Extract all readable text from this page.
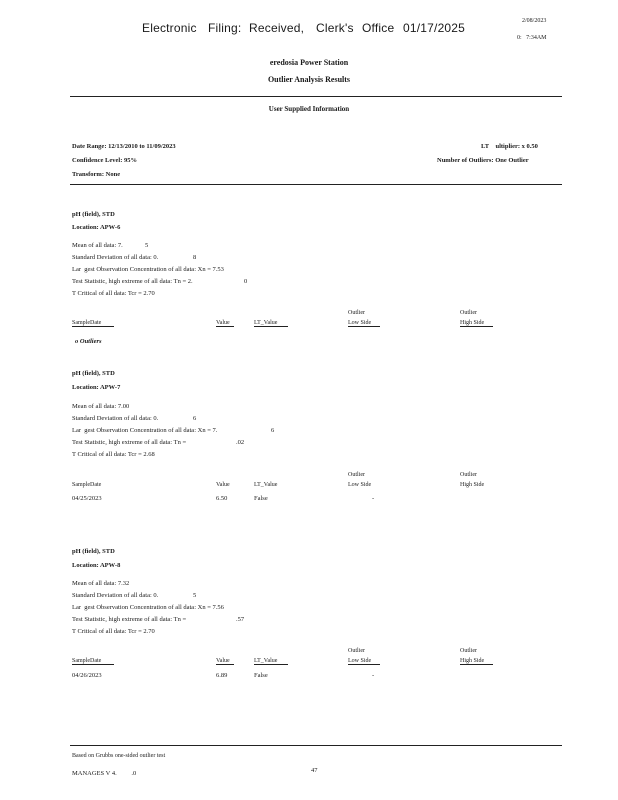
Electronic Filing: Received, Clerk's Office 01/17/2025	2/08/2023
0:   7:34AM
eredosia Power Station
Outlier Analysis Results
User Supplied Information
Date Range: 12/13/2010 to 11/09/2023
Confidence Level: 95%
Transform: None
LT    ultiplier: x 0.50
Number of Outliers: One Outlier
pH (field), STD
Location: APW-6
Mean of all data: 7.	5
Standard Deviation of all data: 0.	8
Lar  gest Observation Concentration of all data: Xn = 7.53
Test Statistic, high extreme of all data: Tn = 2.	0
T Critical of all data: Tcr = 2.70
Outlier	Outlier
SampleDate	Value	LT_Value	Low Side	High Side
o Outliers
pH (field), STD
Location: APW-7
Mean of all data: 7.00
Standard Deviation of all data: 0.	6
Lar  gest Observation Concentration of all data: Xn = 7.	6
Test Statistic, high extreme of all data: Tn =	.02
T Critical of all data: Tcr = 2.68
Outlier	Outlier
SampleDate	Value	LT_Value	Low Side	High Side
04/25/2023	6.50	False	-
pH (field), STD
Location: APW-8
Mean of all data: 7.32
Standard Deviation of all data: 0.	5
Lar  gest Observation Concentration of all data: Xn = 7.56
Test Statistic, high extreme of all data: Tn =	.57
T Critical of all data: Tcr = 2.70
Outlier	Outlier
SampleDate	Value	LT_Value	Low Side	High Side
04/26/2023	6.89	False	-
Based on Grubbs one-sided outlier test
MANAGES V 4.         .0	47
